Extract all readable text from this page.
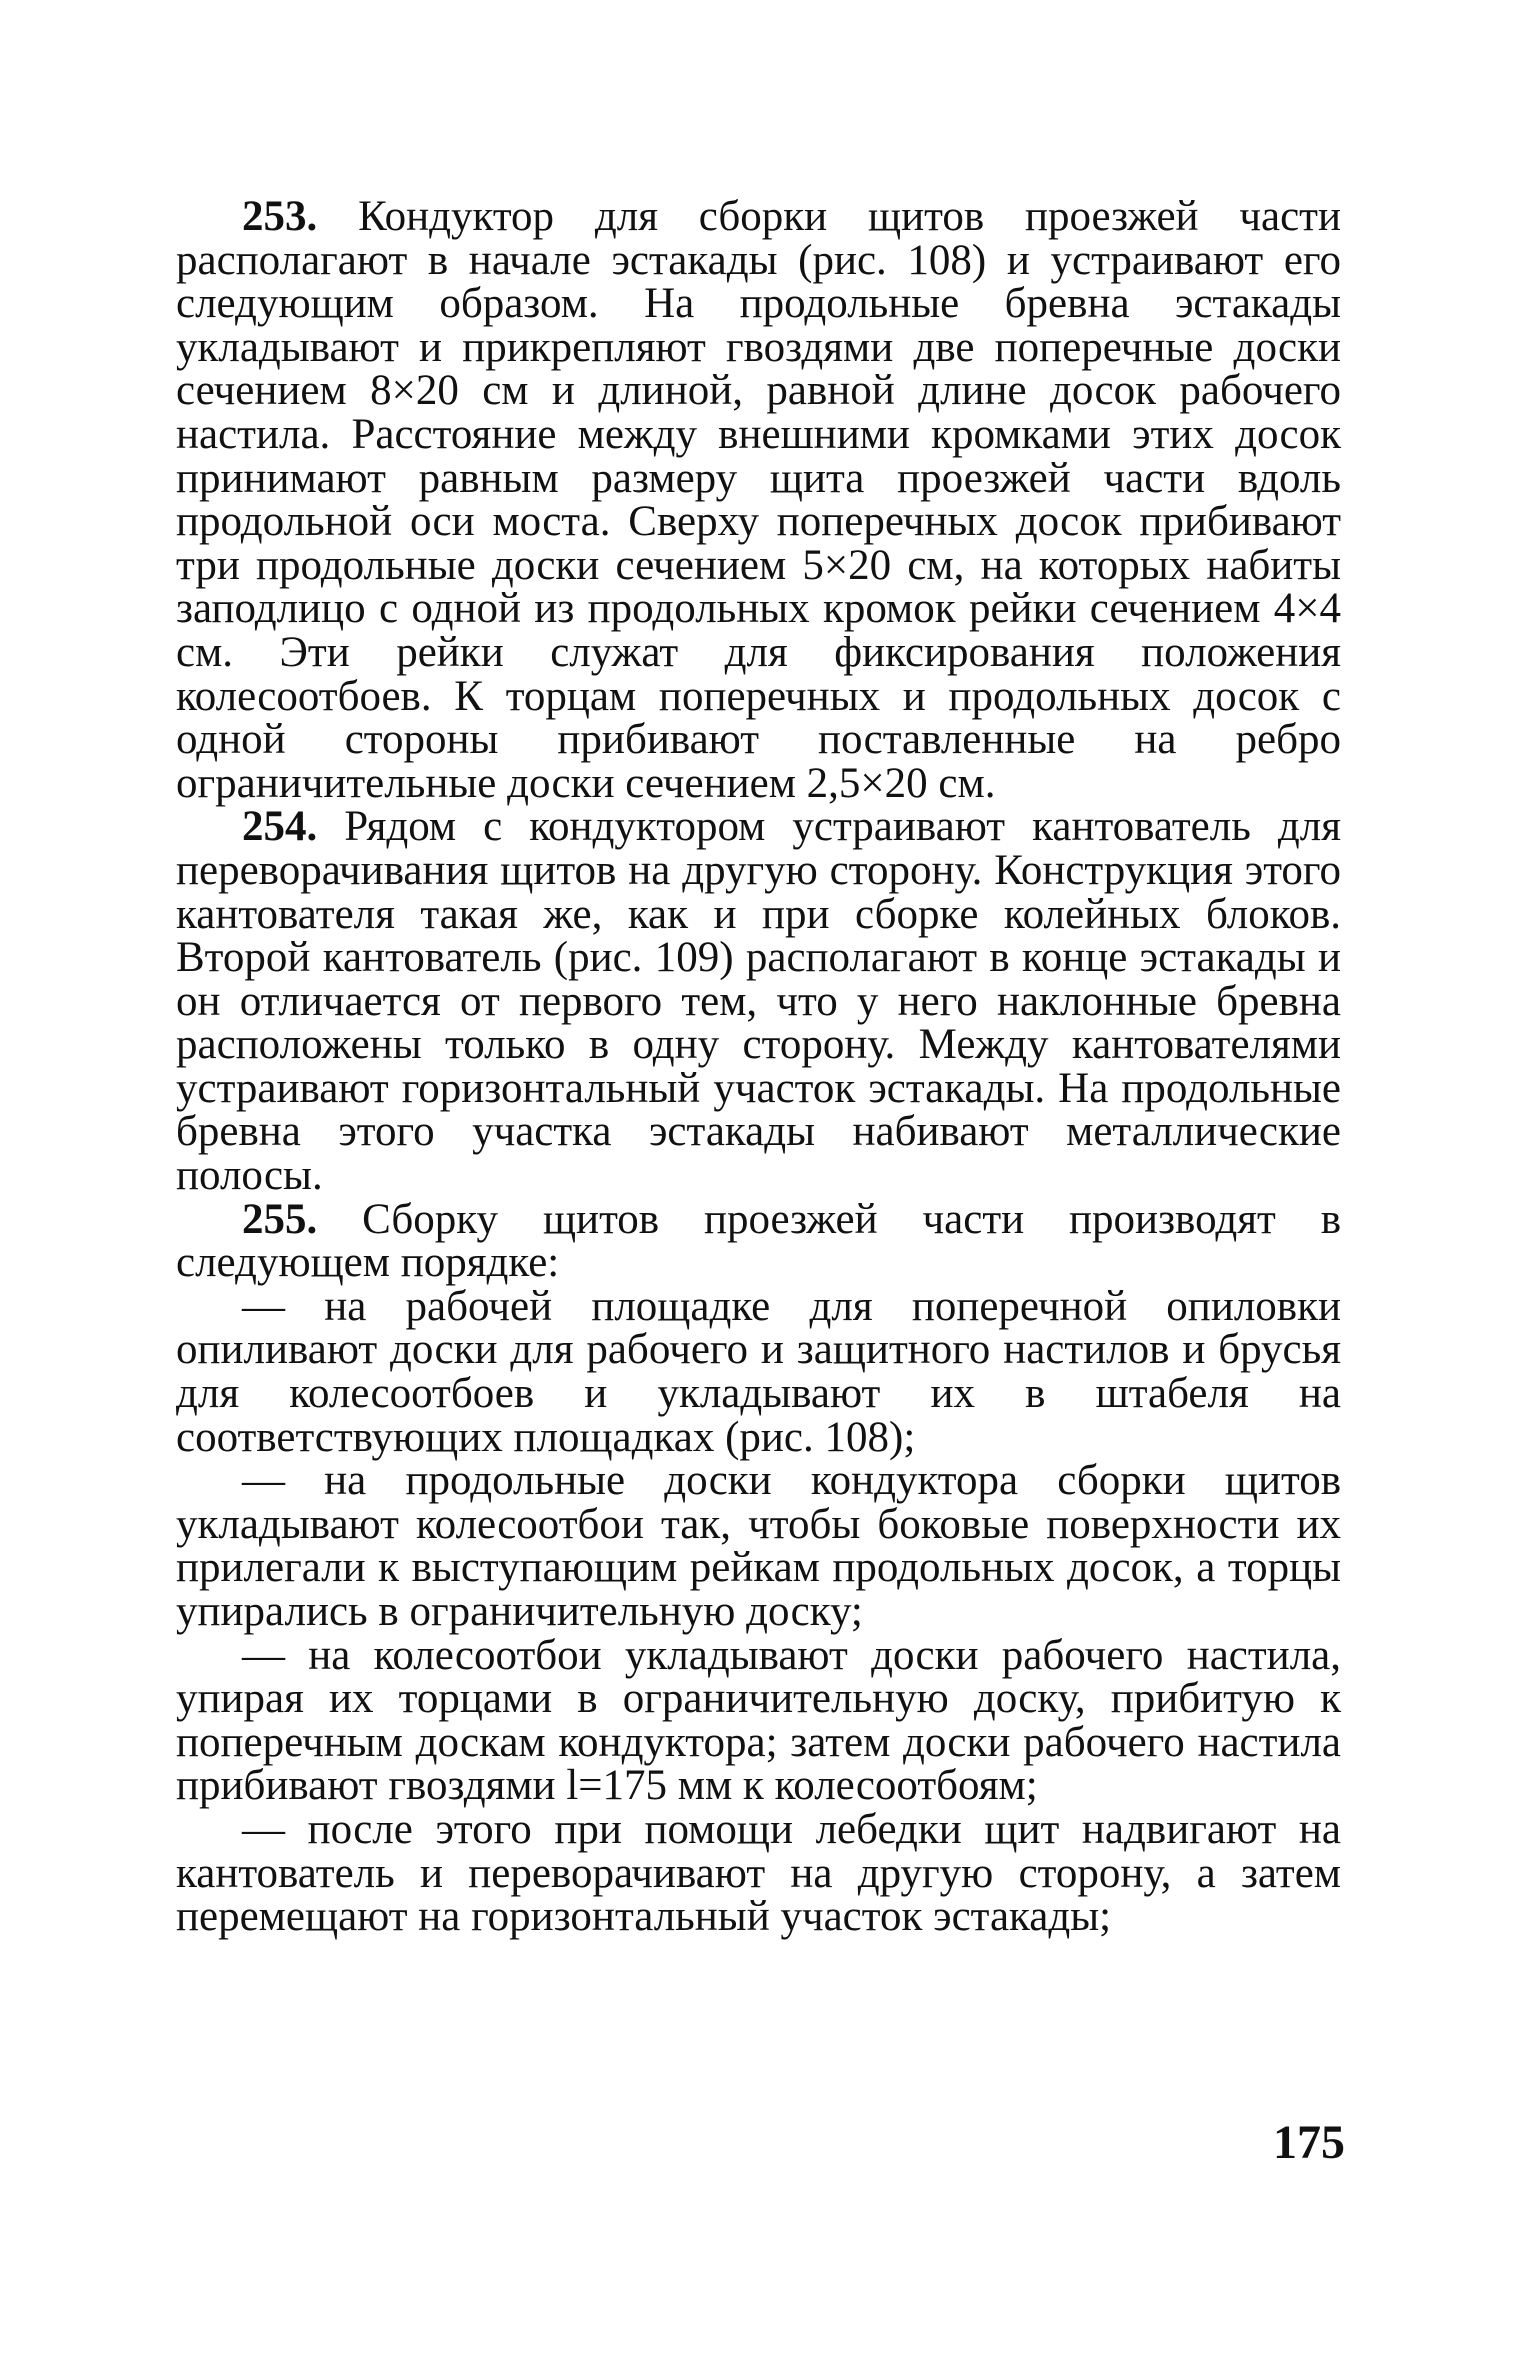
253. Кондуктор для сборки щитов проезжей части располагают в начале эстакады (рис. 108) и устраивают его следующим образом. На продольные бревна эстакады укладывают и прикрепляют гвоздями две поперечные доски сечением 8×20 см и длиной, равной длине досок рабочего настила. Расстояние между внешними кромками этих досок принимают равным размеру щита проезжей части вдоль продольной оси моста. Сверху поперечных досок прибивают три продольные доски сечением 5×20 см, на которых набиты заподлицо с одной из продольных кромок рейки сечением 4×4 см. Эти рейки служат для фиксирования положения колесоотбоев. К торцам поперечных и продольных досок с одной стороны прибивают поставленные на ребро ограничительные доски сечением 2,5×20 см.

254. Рядом с кондуктором устраивают кантователь для переворачивания щитов на другую сторону. Конструкция этого кантователя такая же, как и при сборке колейных блоков. Второй кантователь (рис. 109) располагают в конце эстакады и он отличается от первого тем, что у него наклонные бревна расположены только в одну сторону. Между кантователями устраивают горизонтальный участок эстакады. На продольные бревна этого участка эстакады набивают металлические полосы.

255. Сборку щитов проезжей части производят в следующем порядке:

— на рабочей площадке для поперечной опиловки опиливают доски для рабочего и защитного настилов и брусья для колесоотбоев и укладывают их в штабеля на соответствующих площадках (рис. 108);

— на продольные доски кондуктора сборки щитов укладывают колесоотбои так, чтобы боковые поверхности их прилегали к выступающим рейкам продольных досок, а торцы упирались в ограничительную доску;

— на колесоотбои укладывают доски рабочего настила, упирая их торцами в ограничительную доску, прибитую к поперечным доскам кондуктора; затем доски рабочего настила прибивают гвоздями l=175 мм к колесоотбоям;

— после этого при помощи лебедки щит надвигают на кантователь и переворачивают на другую сторону, а затем перемещают на горизонтальный участок эстакады;

175
